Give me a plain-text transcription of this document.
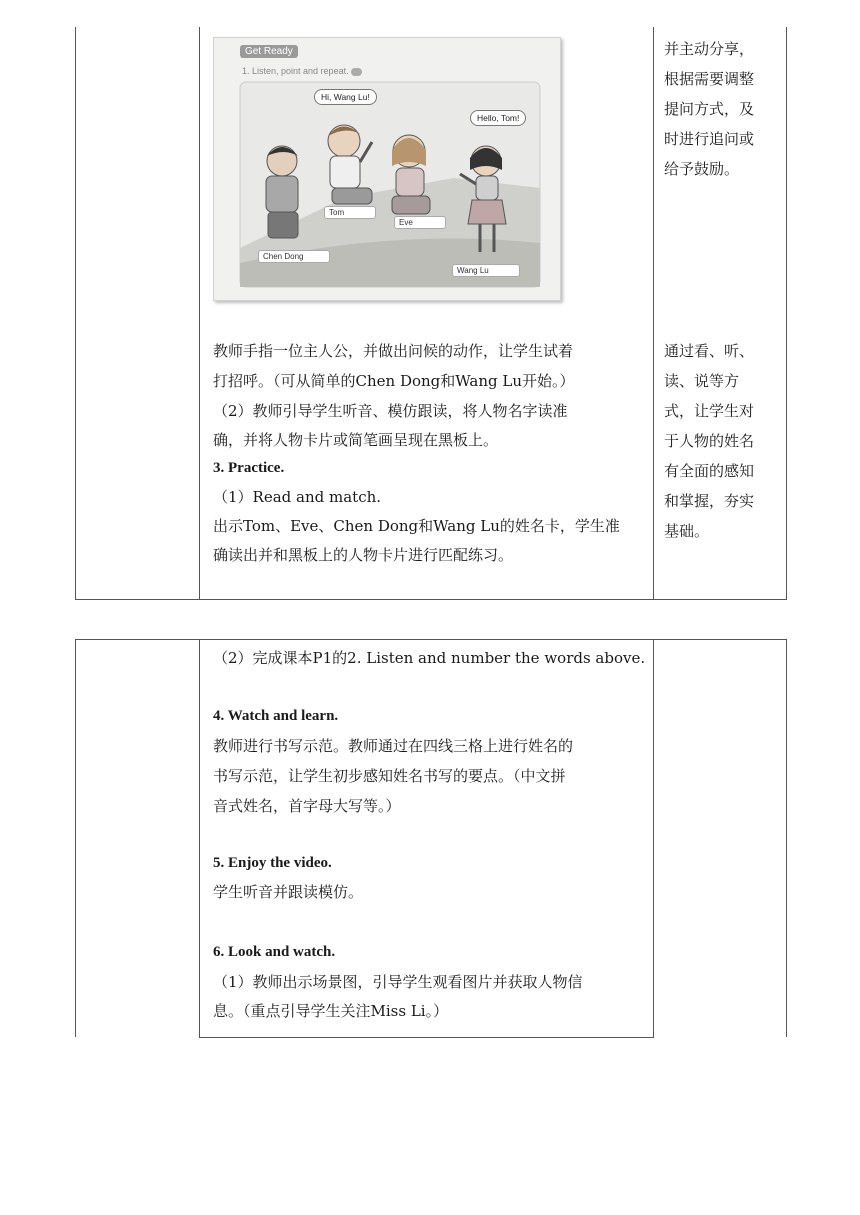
Get Ready
1. Listen, point and repeat.
Hi, Wang Lu!
Hello, Tom!
Tom
Eve
Chen Dong
Wang Lu
并主动分享，
根据需要调整
提问方式，及
时进行追问或
给予鼓励。
教师手指一位主人公，并做出问候的动作，让学生试着
打招呼。（可从简单的Chen Dong和Wang Lu开始。）
（2）教师引导学生听音、模仿跟读，将人物名字读准
确，并将人物卡片或简笔画呈现在黑板上。
3. Practice.
（1）Read and match.
出示Tom、Eve、Chen Dong和Wang Lu的姓名卡，学生准
确读出并和黑板上的人物卡片进行匹配练习。
通过看、听、
读、说等方
式，让学生对
于人物的姓名
有全面的感知
和掌握，夯实
基础。
（2）完成课本P1的2. Listen and number the words above.
4. Watch and learn.
教师进行书写示范。教师通过在四线三格上进行姓名的
书写示范，让学生初步感知姓名书写的要点。（中文拼
音式姓名，首字母大写等。）
5. Enjoy the video.
学生听音并跟读模仿。
6. Look and watch.
（1）教师出示场景图，引导学生观看图片并获取人物信
息。（重点引导学生关注Miss Li。）
